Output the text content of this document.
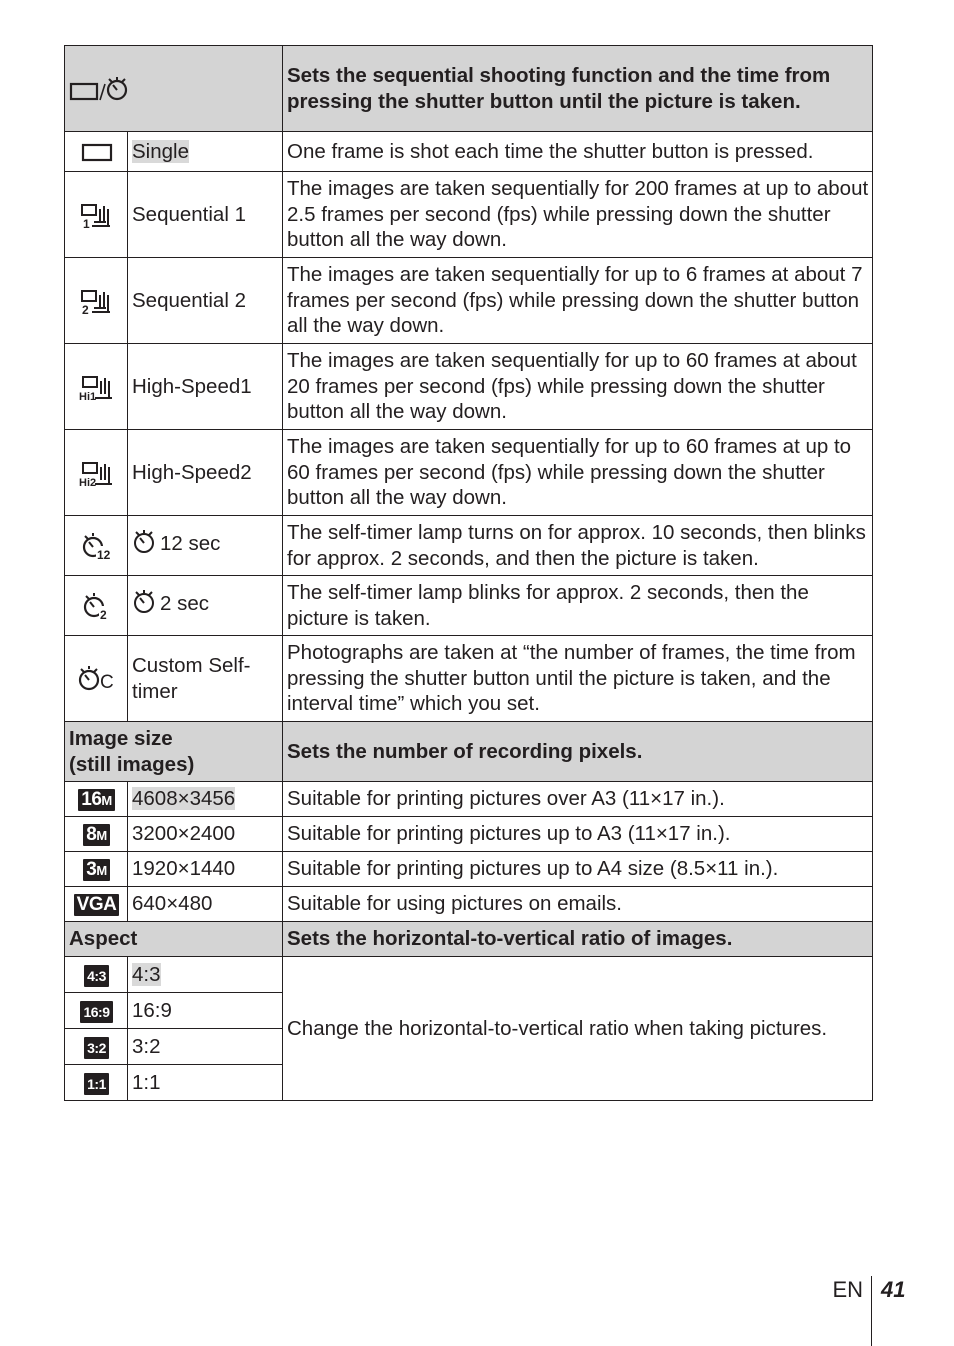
	Sets the sequential shooting function and the time from pressing the shutter button until the picture is taken.

	Single	One frame is shot each time the shutter button is pressed.

1	Sequential 1	The images are taken sequentially for 200 frames at up to about 2.5 frames per second (fps) while pressing down the shutter button all the way down.

2	Sequential 2	The images are taken sequentially for up to 6 frames at about 7 frames per second (fps) while pressing down the shutter button all the way down.

Hi1	High-Speed1	The images are taken sequentially for up to 60 frames at about 20 frames per second (fps) while pressing down the shutter button all the way down.

Hi2	High-Speed2	The images are taken sequentially for up to 60 frames at up to 60 frames per second (fps) while pressing down the shutter button all the way down.

12	12 sec	The self-timer lamp turns on for approx. 10 seconds, then blinks for approx. 2 seconds, and then the picture is taken.

2	2 sec	The self-timer lamp blinks for approx. 2 seconds, then the picture is taken.

C	Custom Self-timer	Photographs are taken at “the number of frames, the time from pressing the shutter button until the picture is taken, and the interval time” which you set.

Image size
(still images)		Sets the number of recording pixels.
16M	4608×3456	Suitable for printing pictures over A3 (11×17 in.).
8M	3200×2400	Suitable for printing pictures up to A3 (11×17 in.).
3M	1920×1440	Suitable for printing pictures up to A4 size (8.5×11 in.).
VGA	640×480	Suitable for using pictures on emails.
Aspect		Sets the horizontal-to-vertical ratio of images.
4:3	4:3	Change the horizontal-to-vertical ratio when taking pictures.
16:9	16:9	
3:2	3:2	
1:1	1:1	
EN 41
